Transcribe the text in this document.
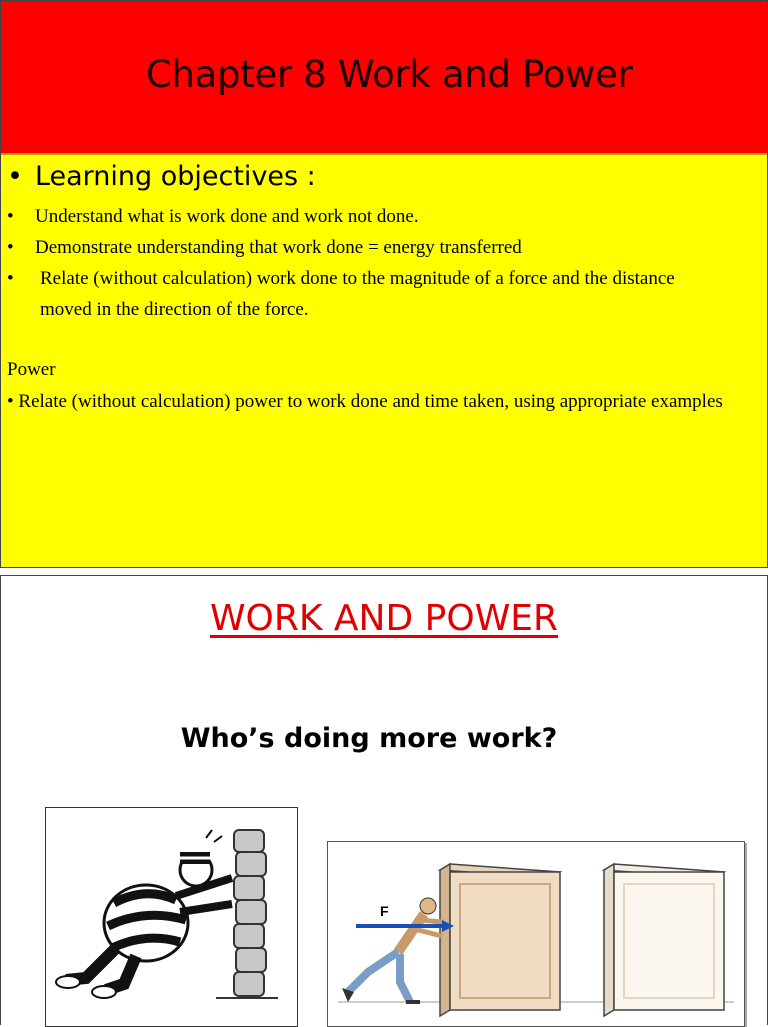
Chapter 8 Work and Power
• Learning objectives :
• Understand what is work done and work not done.
• Demonstrate understanding that work done = energy transferred
• Relate (without calculation) work done to the magnitude of a force and the distance
moved in the direction of the force.
Power
• Relate (without calculation) power to work done and time taken, using appropriate examples
WORK AND POWER
Who’s doing more work?
F
